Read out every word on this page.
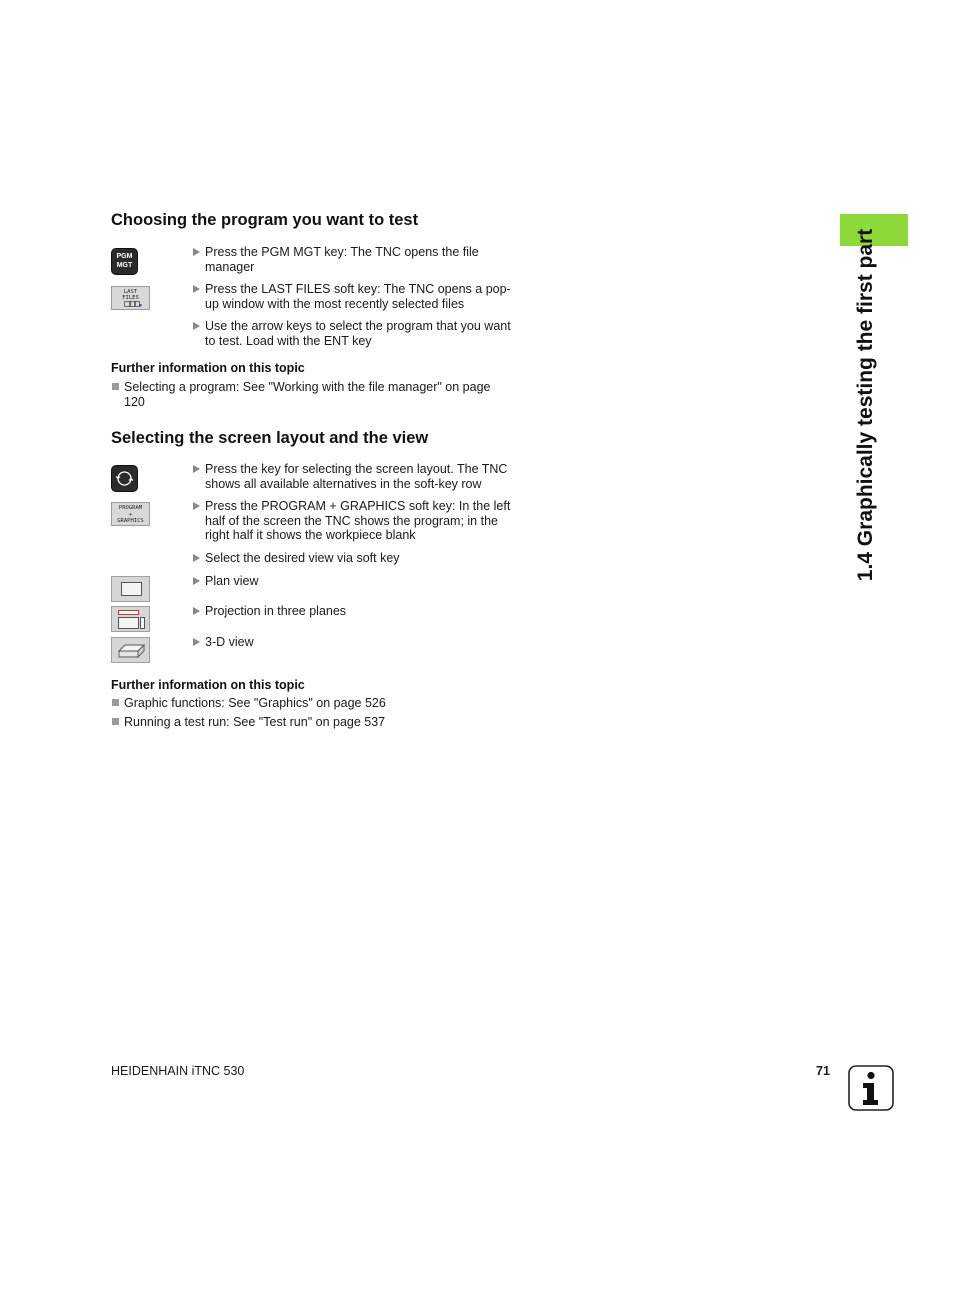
1.4 Graphically testing the first part
Choosing the program you want to test
PGM
MGT
LAST
FILES
Press the PGM MGT key: The TNC opens the file manager
Press the LAST FILES soft key: The TNC opens a pop-up window with the most recently selected files
Use the arrow keys to select the program that you want to test. Load with the ENT key
Further information on this topic
Selecting a program: See "Working with the file manager" on page 120
Selecting the screen layout and the view
PROGRAM
+
GRAPHICS
Press the key for selecting the screen layout. The TNC shows all available alternatives in the soft-key row
Press the PROGRAM + GRAPHICS soft key: In the left half of the screen the TNC shows the program; in the right half it shows the workpiece blank
Select the desired view via soft key
Plan view
Projection in three planes
3-D view
Further information on this topic
Graphic functions: See "Graphics" on page 526
Running a test run: See "Test run" on page 537
HEIDENHAIN iTNC 530	71
